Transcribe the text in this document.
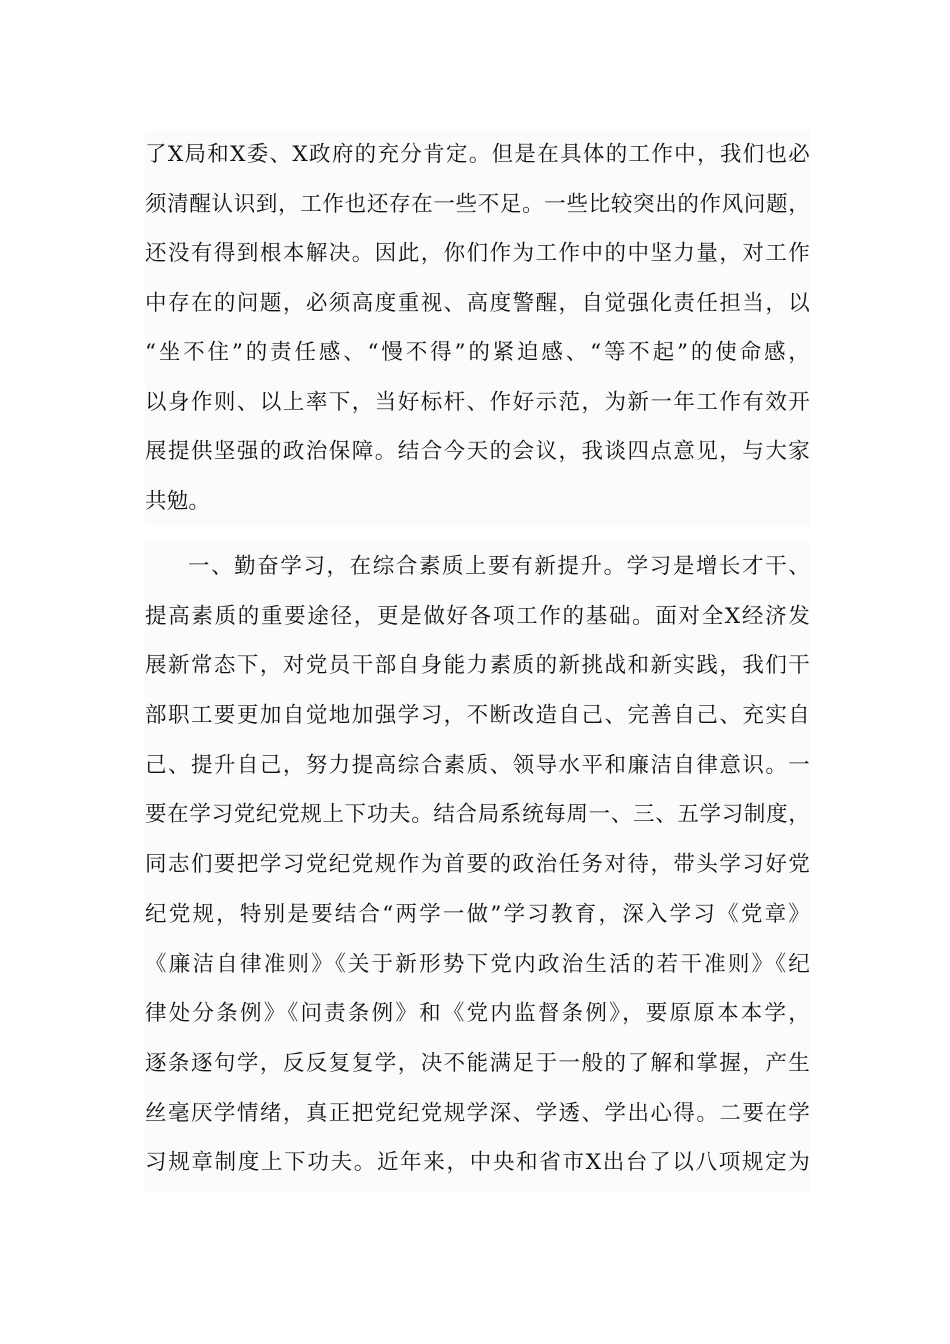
了X局和X委、X政府的充分肯定。但是在具体的工作中，我们也必
须清醒认识到，工作也还存在一些不足。一些比较突出的作风问题，
还没有得到根本解决。因此，你们作为工作中的中坚力量，对工作
中存在的问题，必须高度重视、高度警醒，自觉强化责任担当，以
“坐不住”的责任感、“慢不得”的紧迫感、“等不起”的使命感，
以身作则、以上率下，当好标杆、作好示范，为新一年工作有效开
展提供坚强的政治保障。结合今天的会议，我谈四点意见，与大家
共勉。
一、勤奋学习，在综合素质上要有新提升。学习是增长才干、
提高素质的重要途径，更是做好各项工作的基础。面对全X经济发
展新常态下，对党员干部自身能力素质的新挑战和新实践，我们干
部职工要更加自觉地加强学习，不断改造自己、完善自己、充实自
己、提升自己，努力提高综合素质、领导水平和廉洁自律意识。一
要在学习党纪党规上下功夫。结合局系统每周一、三、五学习制度，
同志们要把学习党纪党规作为首要的政治任务对待，带头学习好党
纪党规，特别是要结合“两学一做”学习教育，深入学习《党章》
《廉洁自律准则》《关于新形势下党内政治生活的若干准则》《纪
律处分条例》《问责条例》和《党内监督条例》，要原原本本学，
逐条逐句学，反反复复学，决不能满足于一般的了解和掌握，产生
丝毫厌学情绪，真正把党纪党规学深、学透、学出心得。二要在学
习规章制度上下功夫。近年来，中央和省市X出台了以八项规定为
